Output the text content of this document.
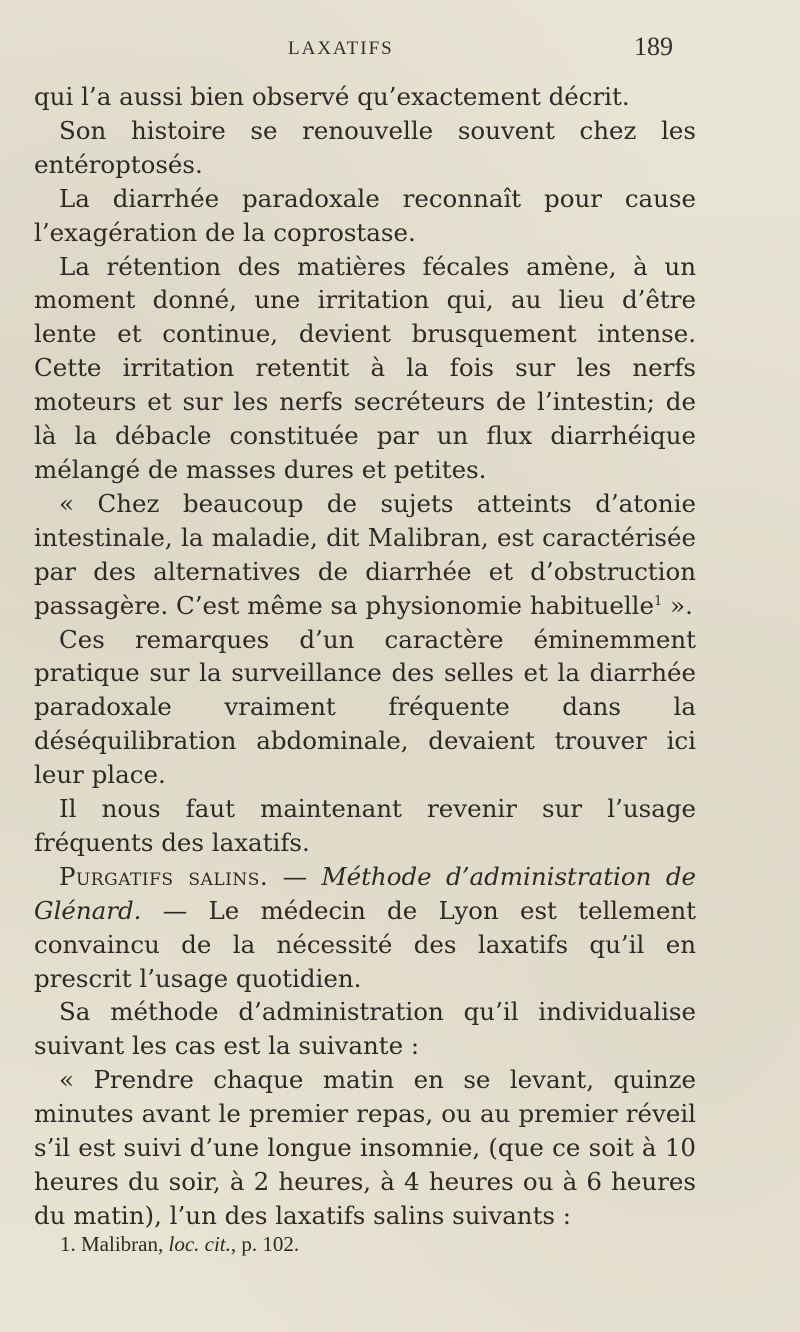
LAXATIFS	189

qui l’a aussi bien observé qu’exactement décrit.

Son histoire se renouvelle souvent chez les entéroptosés.

La diarrhée paradoxale reconnaît pour cause l’exagération de la coprostase.

La rétention des matières fécales amène, à un moment donné, une irritation qui, au lieu d’être lente et continue, devient brusquement intense. Cette irritation retentit à la fois sur les nerfs moteurs et sur les nerfs secréteurs de l’intestin; de là la débacle constituée par un flux diarrhéique mélangé de masses dures et petites.

« Chez beaucoup de sujets atteints d’atonie intestinale, la maladie, dit Malibran, est caractérisée par des alternatives de diarrhée et d’obstruction passagère. C’est même sa physionomie habituelle$^1$ ».

Ces remarques d’un caractère éminemment pratique sur la surveillance des selles et la diarrhée paradoxale vraiment fréquente dans la déséquilibration abdominale, devaient trouver ici leur place.

Il nous faut maintenant revenir sur l’usage fréquents des laxatifs.

Purgatifs salins. — Méthode d’administration de Glénard. — Le médecin de Lyon est tellement convaincu de la nécessité des laxatifs qu’il en prescrit l’usage quotidien.

Sa méthode d’administration qu’il individualise suivant les cas est la suivante :

« Prendre chaque matin en se levant, quinze minutes avant le premier repas, ou au premier réveil s’il est suivi d’une longue insomnie, (que ce soit à 10 heures du soir, à 2 heures, à 4 heures ou à 6 heures du matin), l’un des laxatifs salins suivants :

1. Malibran, loc. cit., p. 102.
